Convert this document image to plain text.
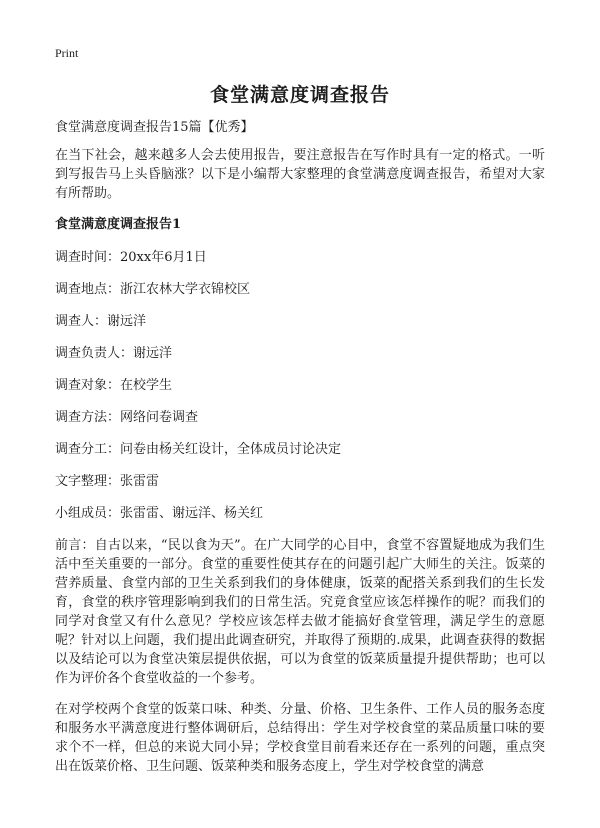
Print
食堂满意度调查报告
食堂满意度调查报告15篇【优秀】
在当下社会，越来越多人会去使用报告，要注意报告在写作时具有一定的格式。一听到写报告马上头昏脑涨？以下是小编帮大家整理的食堂满意度调查报告，希望对大家有所帮助。
食堂满意度调查报告1
调查时间：20xx年6月1日
调查地点：浙江农林大学衣锦校区
调查人：谢远洋
调查负责人：谢远洋
调查对象：在校学生
调查方法：网络问卷调查
调查分工：问卷由杨关红设计，全体成员讨论决定
文字整理：张雷雷
小组成员：张雷雷、谢远洋、杨关红
前言：自古以来，“民以食为天”。在广大同学的心目中，食堂不容置疑地成为我们生活中至关重要的一部分。食堂的重要性使其存在的问题引起广大师生的关注。饭菜的营养质量、食堂内部的卫生关系到我们的身体健康，饭菜的配搭关系到我们的生长发育，食堂的秩序管理影响到我们的日常生活。究竟食堂应该怎样操作的呢？而我们的同学对食堂又有什么意见？学校应该怎样去做才能搞好食堂管理，满足学生的意愿呢？针对以上问题，我们提出此调查研究，并取得了预期的.成果，此调查获得的数据以及结论可以为食堂决策层提供依据，可以为食堂的饭菜质量提升提供帮助；也可以作为评价各个食堂收益的一个参考。
在对学校两个食堂的饭菜口味、种类、分量、价格、卫生条件、工作人员的服务态度和服务水平满意度进行整体调研后，总结得出：学生对学校食堂的菜品质量口味的要求个不一样，但总的来说大同小异；学校食堂目前看来还存在一系列的问题，重点突出在饭菜价格、卫生问题、饭菜种类和服务态度上，学生对学校食堂的满意
